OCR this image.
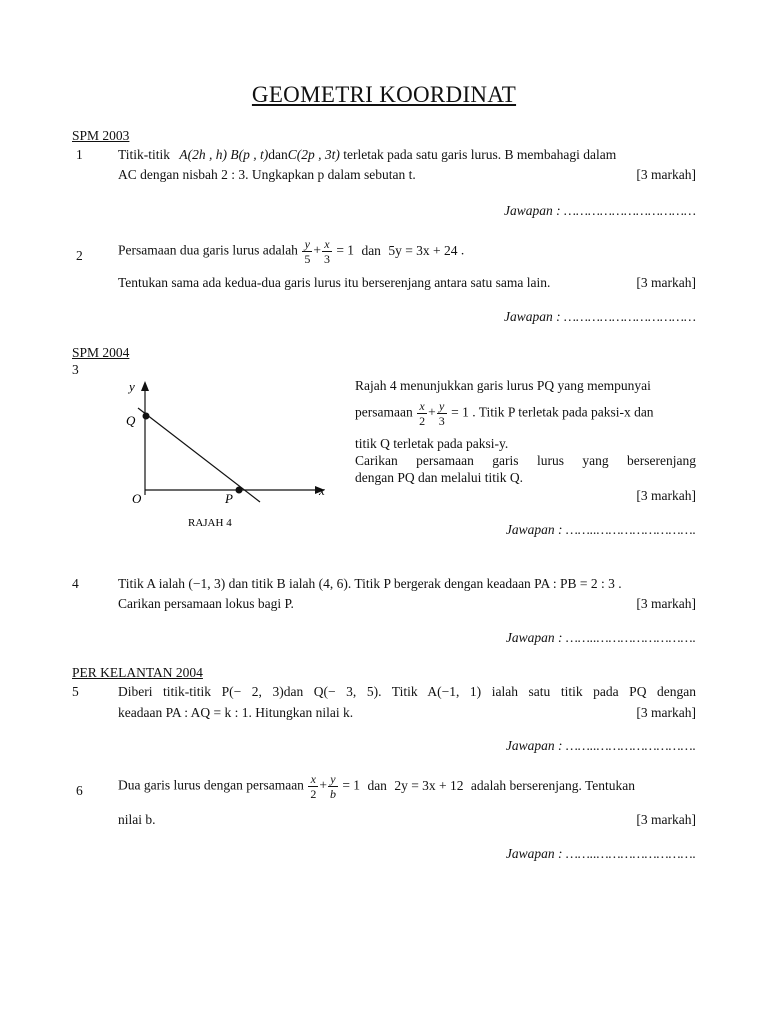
GEOMETRI KOORDINAT
SPM 2003
1	Titik-titik A(2h , h) B(p , t)danC(2p , 3t) terletak pada satu garis lurus. B membahagi dalam
AC dengan nisbah 2 : 3. Ungkapkan p dalam sebutan t.	[3 markah]
Jawapan : ……………………………
2	Persamaan dua garis lurus adalah $\frac{y}{5} + \frac{x}{3} = 1$ dan 5y = 3x + 24 .
Tentukan sama ada kedua-dua garis lurus itu berserenjang antara satu sama lain.	[3 markah]
Jawapan : ……………………………
SPM 2004
3
y
x
Q
O	P
RAJAH 4
Rajah 4 menunjukkan garis lurus PQ yang mempunyai
persamaan $\frac{x}{2} + \frac{y}{3} = 1$ . Titik P terletak pada paksi-x dan
titik Q terletak pada paksi-y.
Carikan persamaan garis lurus yang berserenjang
dengan PQ dan melalui titik Q.
[3 markah]
Jawapan : ……..…………………….
4	Titik A ialah (−1, 3) dan titik B ialah (4, 6). Titik P bergerak dengan keadaan PA : PB = 2 : 3 .
Carikan persamaan lokus bagi P.	[3 markah]
Jawapan : ……..…………………….
PER KELANTAN 2004
5	Diberi titik-titik P(− 2, 3)dan Q(− 3, 5). Titik A(−1, 1) ialah satu titik pada PQ dengan
keadaan PA : AQ = k : 1. Hitungkan nilai k.	[3 markah]
Jawapan : ……..…………………….
6	Dua garis lurus dengan persamaan $\frac{x}{2} + \frac{y}{b} = 1$ dan 2y = 3x + 12 adalah berserenjang. Tentukan
nilai b.	[3 markah]
Jawapan : ……..…………………….
